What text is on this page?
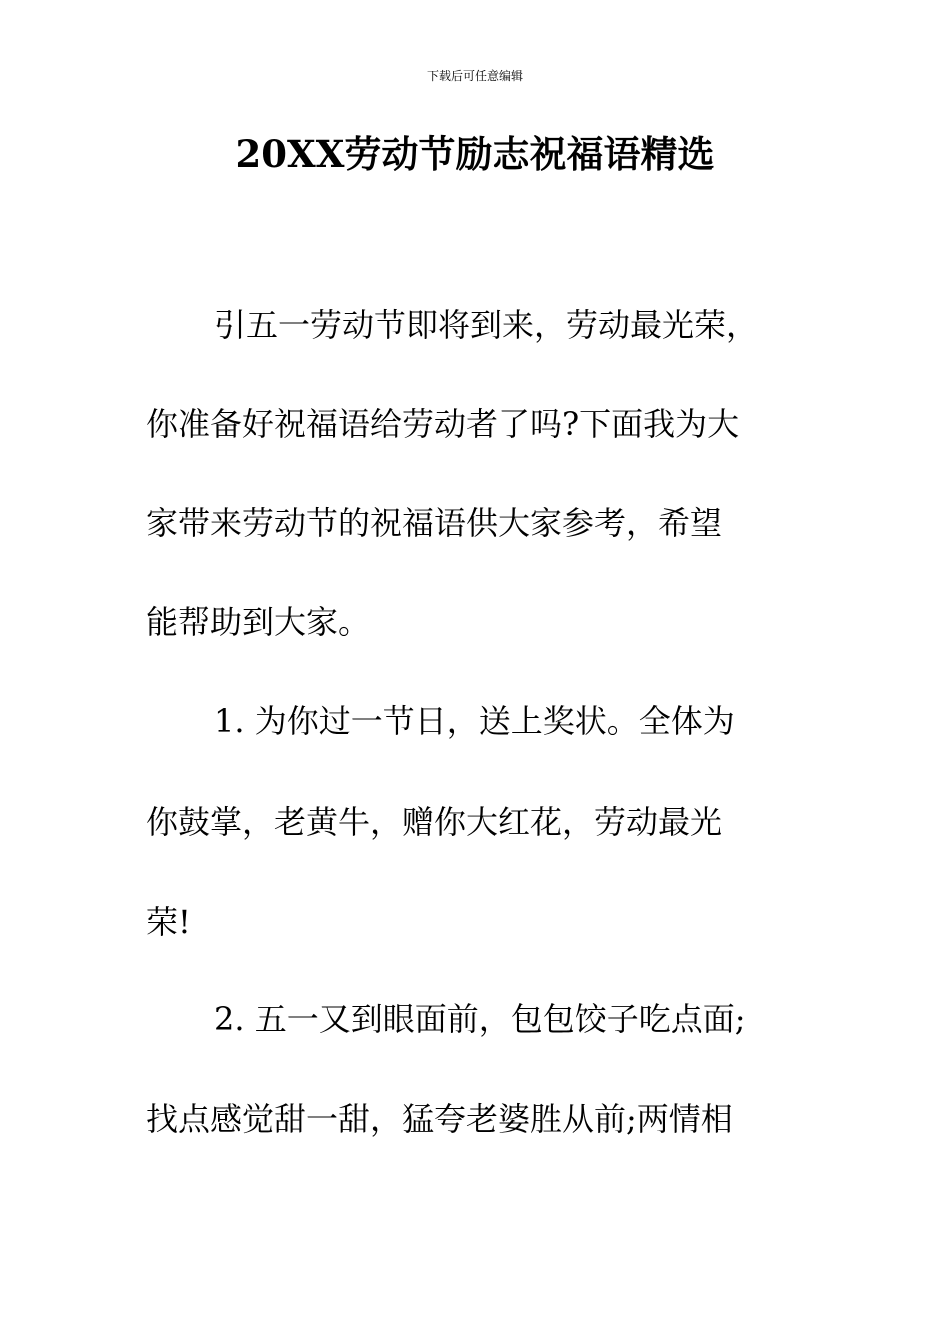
下载后可任意编辑
20XX劳动节励志祝福语精选
引五一劳动节即将到来，劳动最光荣，
你准备好祝福语给劳动者了吗?下面我为大
家带来劳动节的祝福语供大家参考，希望
能帮助到大家。
1. 为你过一节日，送上奖状。全体为
你鼓掌，老黄牛，赠你大红花，劳动最光
荣!
2. 五一又到眼面前，包包饺子吃点面;
找点感觉甜一甜，猛夸老婆胜从前;两情相
